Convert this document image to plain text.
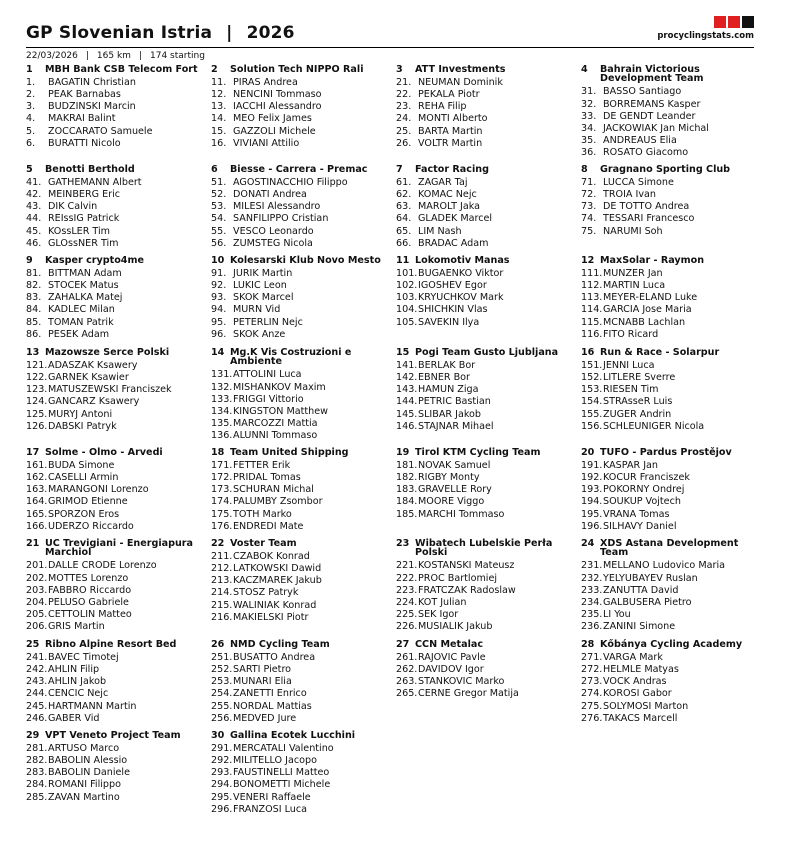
GP Slovenian Istria | 2026	procyclingstats.com
22/03/2026 | 165 km | 174 starting
1	MBH Bank CSB Telecom Fort
1.	BAGATIN Christian
2.	PEAK Barnabas
3.	BUDZINSKI Marcin
4.	MAKRAI Balint
5.	ZOCCARATO Samuele
6.	BURATTI Nicolo
2	Solution Tech NIPPO Rali
11. PIRAS Andrea
12. NENCINI Tommaso
13. IACCHI Alessandro
14. MEO Felix James
15. GAZZOLI Michele
16. VIVIANI Attilio
3	ATT Investments
21. NEUMAN Dominik
22. PEKALA Piotr
23. REHA Filip
24. MONTI Alberto
25. BARTA Martin
26. VOLTR Martin
4	Bahrain Victorious Development Team
31. BASSO Santiago
32. BORREMANS Kasper
33. DE GENDT Leander
34. JACKOWIAK Jan Michal
35. ANDREAUS Elia
36. ROSATO Giacomo
5	Benotti Berthold
41. GATHEMANN Albert
42. MEINBERG Eric
43. DIK Calvin
44. REIssIG Patrick
45. KOssLER Tim
46. GLOssNER Tim
6	Biesse - Carrera - Premac
51. AGOSTINACCHIO Filippo
52. DONATI Andrea
53. MILESI Alessandro
54. SANFILIPPO Cristian
55. VESCO Leonardo
56. ZUMSTEG Nicola
7	Factor Racing
61. ZAGAR Taj
62. KOMAC Nejc
63. MAROLT Jaka
64. GLADEK Marcel
65. LIM Nash
66. BRADAC Adam
8	Gragnano Sporting Club
71. LUCCA Simone
72. TROIA Ivan
73. DE TOTTO Andrea
74. TESSARI Francesco
75. NARUMI Soh
9	Kasper crypto4me
81. BITTMAN Adam
82. STOCEK Matus
83. ZAHALKA Matej
84. KADLEC Milan
85. TOMAN Patrik
86. PESEK Adam
10 Kolesarski Klub Novo Mesto
91. JURIK Martin
92. LUKIC Leon
93. SKOK Marcel
94. MURN Vid
95. PETERLIN Nejc
96. SKOK Anze
11 Lokomotiv Manas
101. BUGAENKO Viktor
102. IGOSHEV Egor
103. KRYUCHKOV Mark
104. SHICHKIN Vlas
105. SAVEKIN Ilya
12 MaxSolar - Raymon
111. MUNZER Jan
112. MARTIN Luca
113. MEYER-ELAND Luke
114. GARCIA Jose Maria
115. MCNABB Lachlan
116. FITO Ricard
13 Mazowsze Serce Polski
121. ADASZAK Ksawery
122. GARNEK Ksawier
123. MATUSZEWSKI Franciszek
124. GANCARZ Ksawery
125. MURYJ Antoni
126. DABSKI Patryk
14 Mg.K Vis Costruzioni e Ambiente
131. ATTOLINI Luca
132. MISHANKOV Maxim
133. FRIGGI Vittorio
134. KINGSTON Matthew
135. MARCOZZI Mattia
136. ALUNNI Tommaso
15 Pogi Team Gusto Ljubljana
141. BERLAK Bor
142. EBNER Bor
143. HAMUN Ziga
144. PETRIC Bastian
145. SLIBAR Jakob
146. STAJNAR Mihael
16 Run & Race - Solarpur
151. JENNI Luca
152. LITLERE Sverre
153. RIESEN Tim
154. STRAsseR Luis
155. ZUGER Andrin
156. SCHLEUNIGER Nicola
17 Solme - Olmo - Arvedi
161. BUDA Simone
162. CASELLI Armin
163. MARANGONI Lorenzo
164. GRIMOD Etienne
165. SPORZON Eros
166. UDERZO Riccardo
18 Team United Shipping
171. FETTER Erik
172. PRIDAL Tomas
173. SCHURAN Michal
174. PALUMBY Zsombor
175. TOTH Marko
176. ENDREDI Mate
19 Tirol KTM Cycling Team
181. NOVAK Samuel
182. RIGBY Monty
183. GRAVELLE Rory
184. MOORE Viggo
185. MARCHI Tommaso
20 TUFO - Pardus Prostějov
191. KASPAR Jan
192. KOCUR Franciszek
193. POKORNY Ondrej
194. SOUKUP Vojtech
195. VRANA Tomas
196. SILHAVY Daniel
21 UC Trevigiani - Energiapura Marchiol
201. DALLE CRODE Lorenzo
202. MOTTES Lorenzo
203. FABBRO Riccardo
204. PELUSO Gabriele
205. CETTOLIN Matteo
206. GRIS Martin
22 Voster Team
211. CZABOK Konrad
212. LATKOWSKI Dawid
213. KACZMAREK Jakub
214. STOSZ Patryk
215. WALINIAK Konrad
216. MAKIELSKI Piotr
23 Wibatech Lubelskie Perła Polski
221. KOSTANSKI Mateusz
222. PROC Bartlomiej
223. FRATCZAK Radoslaw
224. KOT Julian
225. SEK Igor
226. MUSIALIK Jakub
24 XDS Astana Development Team
231. MELLANO Ludovico Maria
232. YELYUBAYEV Ruslan
233. ZANUTTA David
234. GALBUSERA Pietro
235. LI You
236. ZANINI Simone
25 Ribno Alpine Resort Bed
241. BAVEC Timotej
242. AHLIN Filip
243. AHLIN Jakob
244. CENCIC Nejc
245. HARTMANN Martin
246. GABER Vid
26 NMD Cycling Team
251. BUSATTO Andrea
252. SARTI Pietro
253. MUNARI Elia
254. ZANETTI Enrico
255. NORDAL Mattias
256. MEDVED Jure
27 CCN Metalac
261. RAJOVIC Pavle
262. DAVIDOV Igor
263. STANKOVIC Marko
265. CERNE Gregor Matija
28 Kőbánya Cycling Academy
271. VARGA Mark
272. HELMLE Matyas
273. VOCK Andras
274. KOROSI Gabor
275. SOLYMOSI Marton
276. TAKACS Marcell
29 VPT Veneto Project Team
281. ARTUSO Marco
282. BABOLIN Alessio
283. BABOLIN Daniele
284. ROMANI Filippo
285. ZAVAN Martino
30 Gallina Ecotek Lucchini
291. MERCATALI Valentino
292. MILITELLO Jacopo
293. FAUSTINELLI Matteo
294. BONOMETTI Michele
295. VENERI Raffaele
296. FRANZOSI Luca
